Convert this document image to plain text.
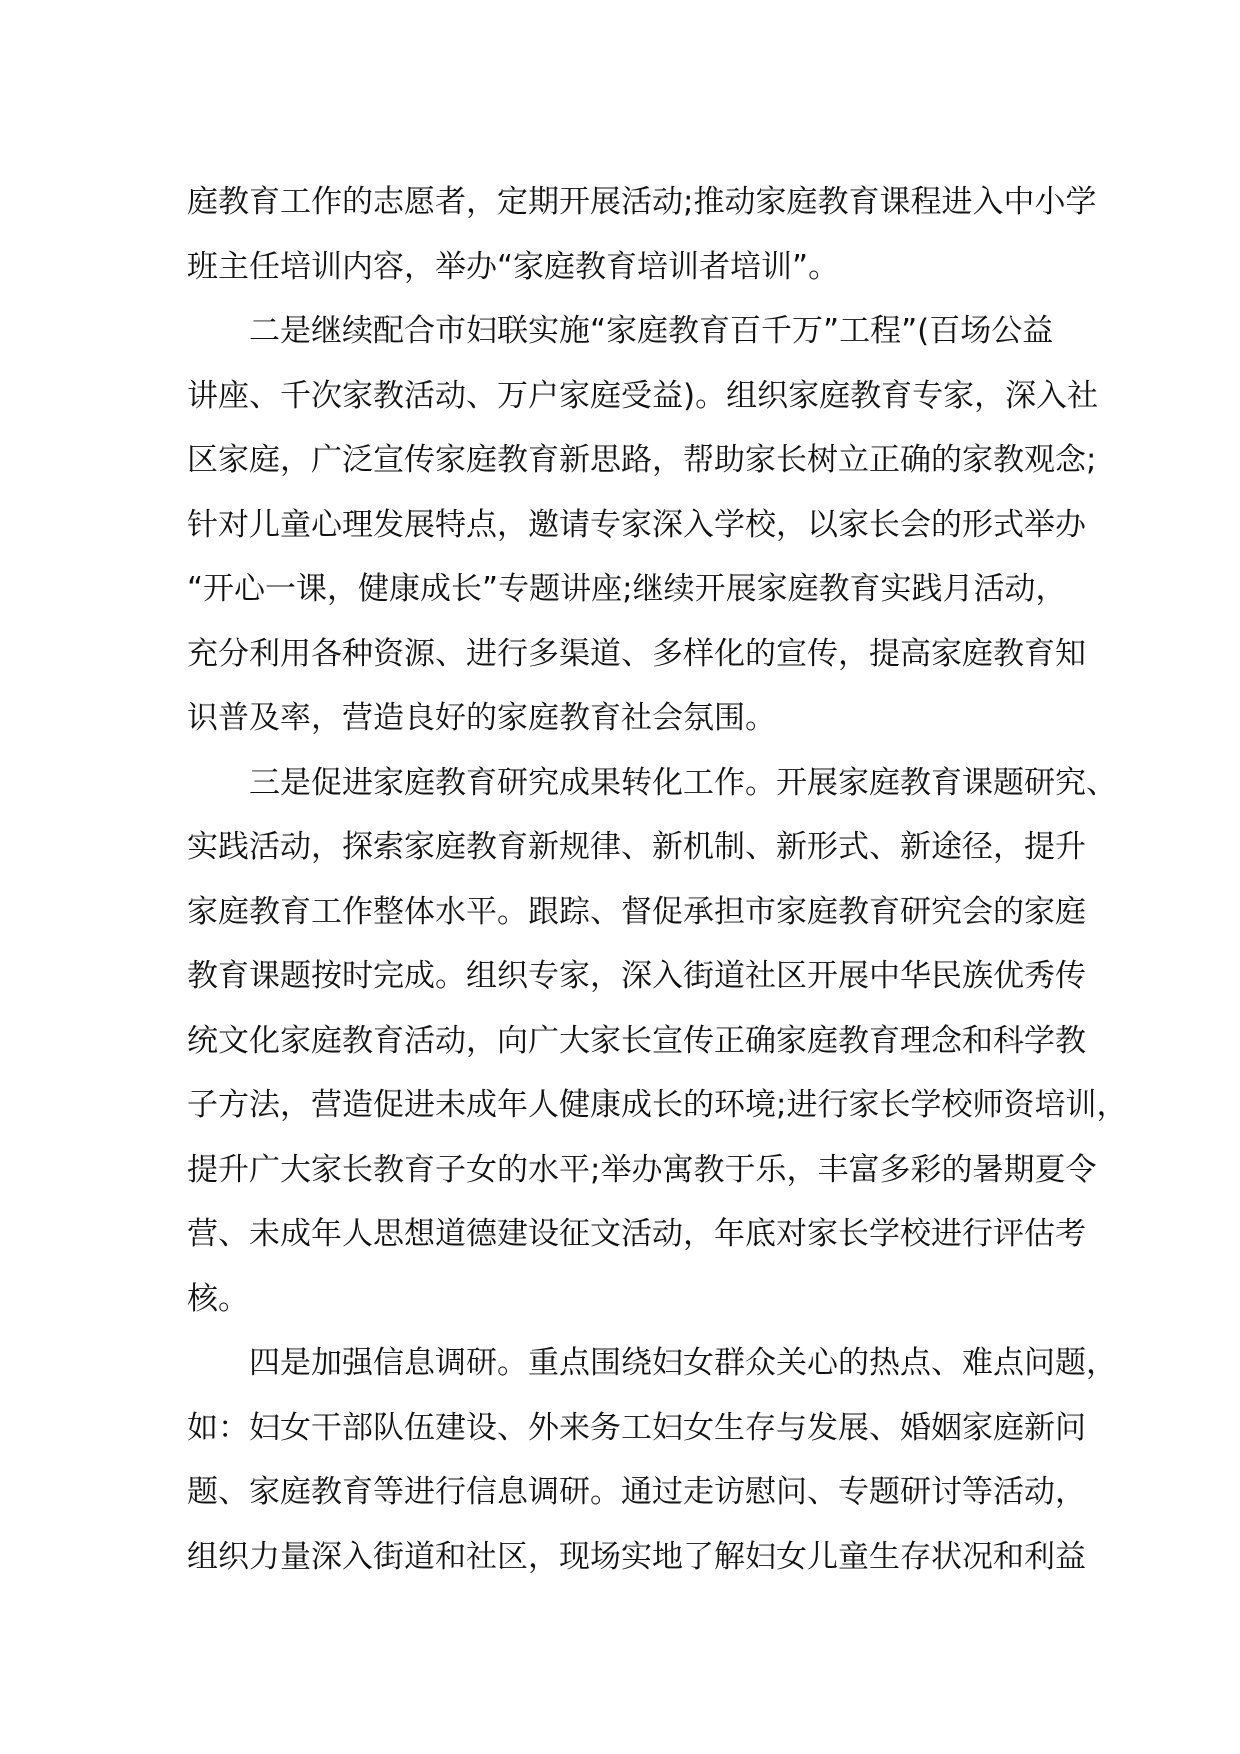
庭教育工作的志愿者，定期开展活动;推动家庭教育课程进入中小学
班主任培训内容，举办“家庭教育培训者培训”。
二是继续配合市妇联实施“家庭教育百千万”工程”(百场公益
讲座、千次家教活动、万户家庭受益)。组织家庭教育专家，深入社
区家庭，广泛宣传家庭教育新思路，帮助家长树立正确的家教观念;
针对儿童心理发展特点，邀请专家深入学校，以家长会的形式举办
“开心一课，健康成长”专题讲座;继续开展家庭教育实践月活动，
充分利用各种资源、进行多渠道、多样化的宣传，提高家庭教育知
识普及率，营造良好的家庭教育社会氛围。
三是促进家庭教育研究成果转化工作。开展家庭教育课题研究、
实践活动，探索家庭教育新规律、新机制、新形式、新途径，提升
家庭教育工作整体水平。跟踪、督促承担市家庭教育研究会的家庭
教育课题按时完成。组织专家，深入街道社区开展中华民族优秀传
统文化家庭教育活动，向广大家长宣传正确家庭教育理念和科学教
子方法，营造促进未成年人健康成长的环境;进行家长学校师资培训，
提升广大家长教育子女的水平;举办寓教于乐，丰富多彩的暑期夏令
营、未成年人思想道德建设征文活动，年底对家长学校进行评估考
核。
四是加强信息调研。重点围绕妇女群众关心的热点、难点问题，
如：妇女干部队伍建设、外来务工妇女生存与发展、婚姻家庭新问
题、家庭教育等进行信息调研。通过走访慰问、专题研讨等活动，
组织力量深入街道和社区，现场实地了解妇女儿童生存状况和利益
